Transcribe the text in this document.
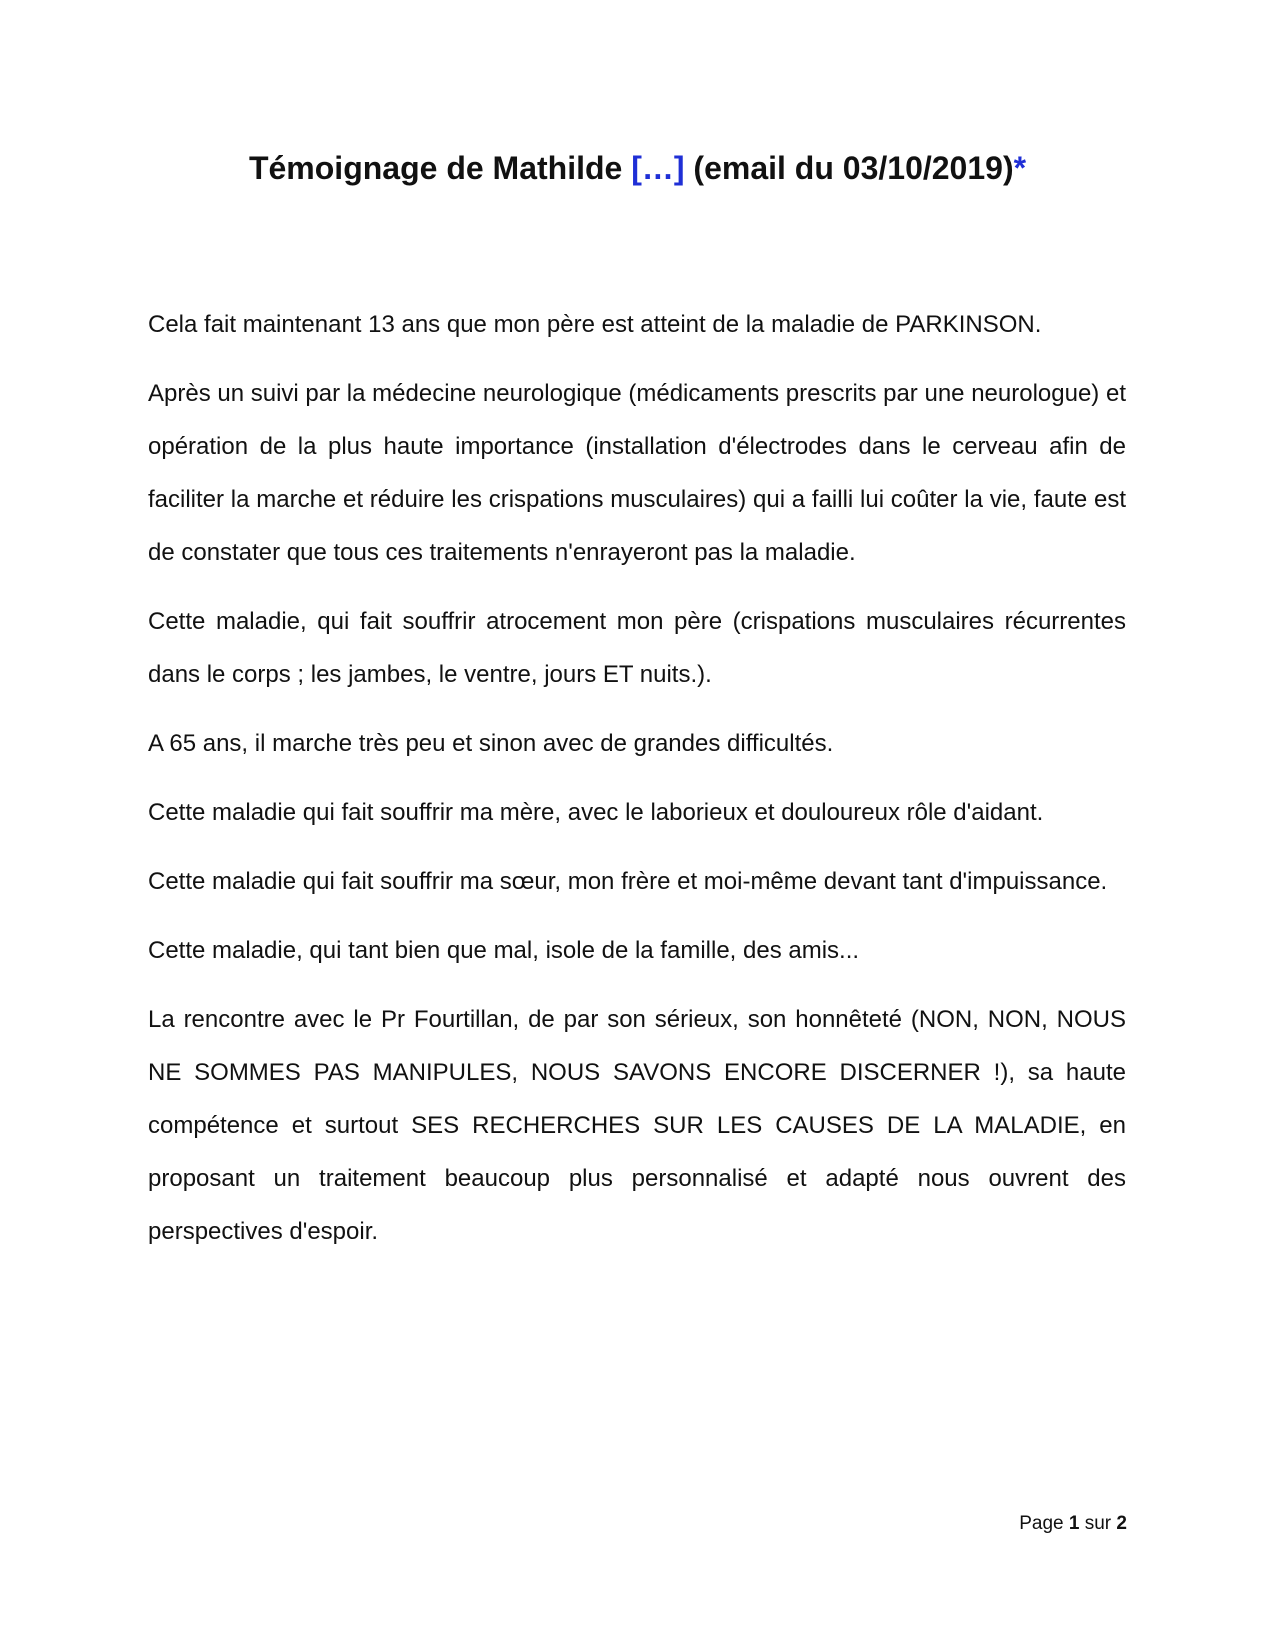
Témoignage de Mathilde […] (email du 03/10/2019)*

Cela fait maintenant 13 ans que mon père est atteint de la maladie de PARKINSON.

Après un suivi par la médecine neurologique (médicaments prescrits par une neurologue) et opération de la plus haute importance (installation d'électrodes dans le cerveau afin de faciliter la marche et réduire les crispations musculaires) qui a failli lui coûter la vie, faute est de constater que tous ces traitements n'enrayeront pas la maladie.

Cette maladie, qui fait souffrir atrocement mon père (crispations musculaires récurrentes dans le corps ; les jambes, le ventre, jours ET nuits.).

A 65 ans, il marche très peu et sinon avec de grandes difficultés.

Cette maladie qui fait souffrir ma mère, avec le laborieux et douloureux rôle d'aidant.

Cette maladie qui fait souffrir ma sœur, mon frère et moi-même devant tant d'impuissance.

Cette maladie, qui tant bien que mal, isole de la famille, des amis...

La rencontre avec le Pr Fourtillan, de par son sérieux, son honnêteté (NON, NON, NOUS NE SOMMES PAS MANIPULES, NOUS SAVONS ENCORE DISCERNER !), sa haute compétence et surtout SES RECHERCHES SUR LES CAUSES DE LA MALADIE, en proposant un traitement beaucoup plus personnalisé et adapté nous ouvrent des perspectives d'espoir.

Page 1 sur 2
